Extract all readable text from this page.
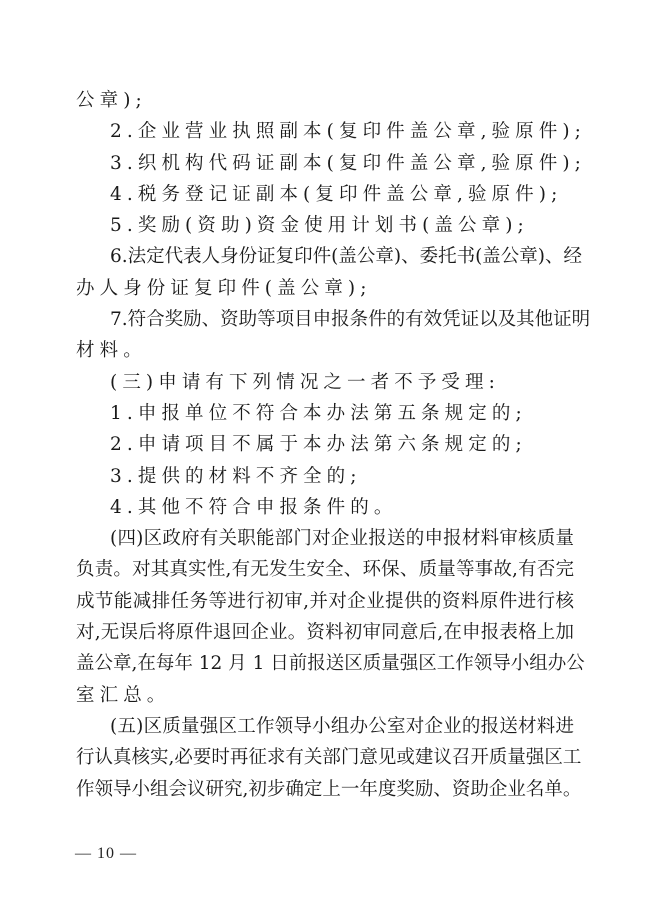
公章);
2.企业营业执照副本(复印件盖公章,验原件);
3.织机构代码证副本(复印件盖公章,验原件);
4.税务登记证副本(复印件盖公章,验原件);
5.奖励(资助)资金使用计划书(盖公章);
6.法定代表人身份证复印件(盖公章)、委托书(盖公章)、经
办人身份证复印件(盖公章);
7.符合奖励、资助等项目申报条件的有效凭证以及其他证明
材料。
(三)申请有下列情况之一者不予受理:
1.申报单位不符合本办法第五条规定的;
2.申请项目不属于本办法第六条规定的;
3.提供的材料不齐全的;
4.其他不符合申报条件的。
(四)区政府有关职能部门对企业报送的申报材料审核质量
负责。对其真实性,有无发生安全、环保、质量等事故,有否完
成节能减排任务等进行初审,并对企业提供的资料原件进行核
对,无误后将原件退回企业。资料初审同意后,在申报表格上加
盖公章,在每年 12 月 1 日前报送区质量强区工作领导小组办公
室汇总。
(五)区质量强区工作领导小组办公室对企业的报送材料进
行认真核实,必要时再征求有关部门意见或建议召开质量强区工
作领导小组会议研究,初步确定上一年度奖励、资助企业名单。
— 10 —
